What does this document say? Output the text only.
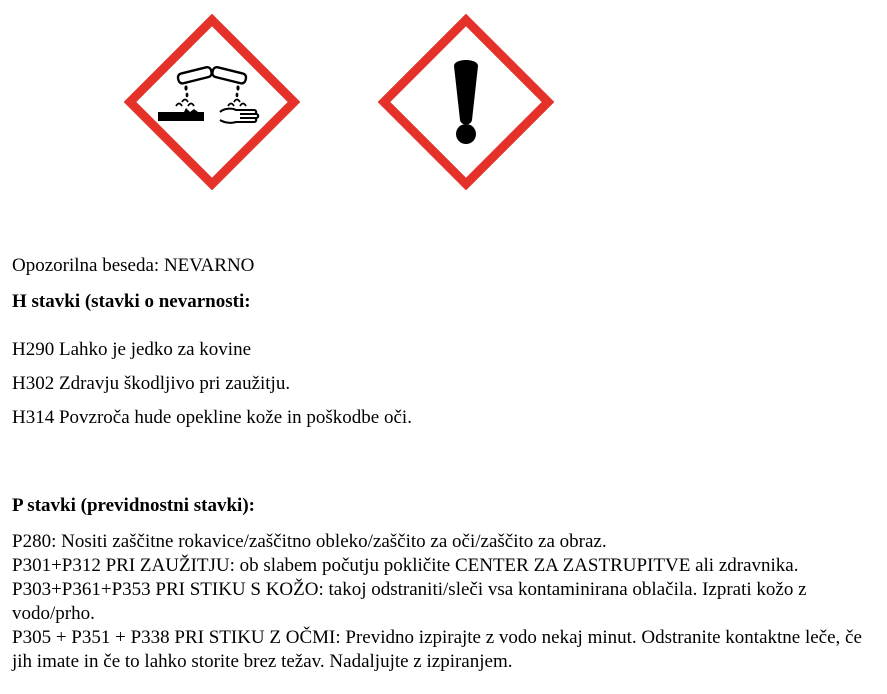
Opozorilna beseda: NEVARNO
H stavki (stavki o nevarnosti:
H290 Lahko je jedko za kovine
H302 Zdravju škodljivo pri zaužitju.
H314 Povzroča hude opekline kože in poškodbe oči.
P stavki (previdnostni stavki):
P280: Nositi zaščitne rokavice/zaščitno obleko/zaščito za oči/zaščito za obraz.
P301+P312 PRI ZAUŽITJU: ob slabem počutju pokličite CENTER ZA ZASTRUPITVE ali zdravnika.
P303+P361+P353 PRI STIKU S KOŽO: takoj odstraniti/sleči vsa kontaminirana oblačila. Izprati kožo z vodo/prho.
P305 + P351 + P338 PRI STIKU Z OČMI: Previdno izpirajte z vodo nekaj minut. Odstranite kontaktne leče, če jih imate in če to lahko storite brez težav. Nadaljujte z izpiranjem.
